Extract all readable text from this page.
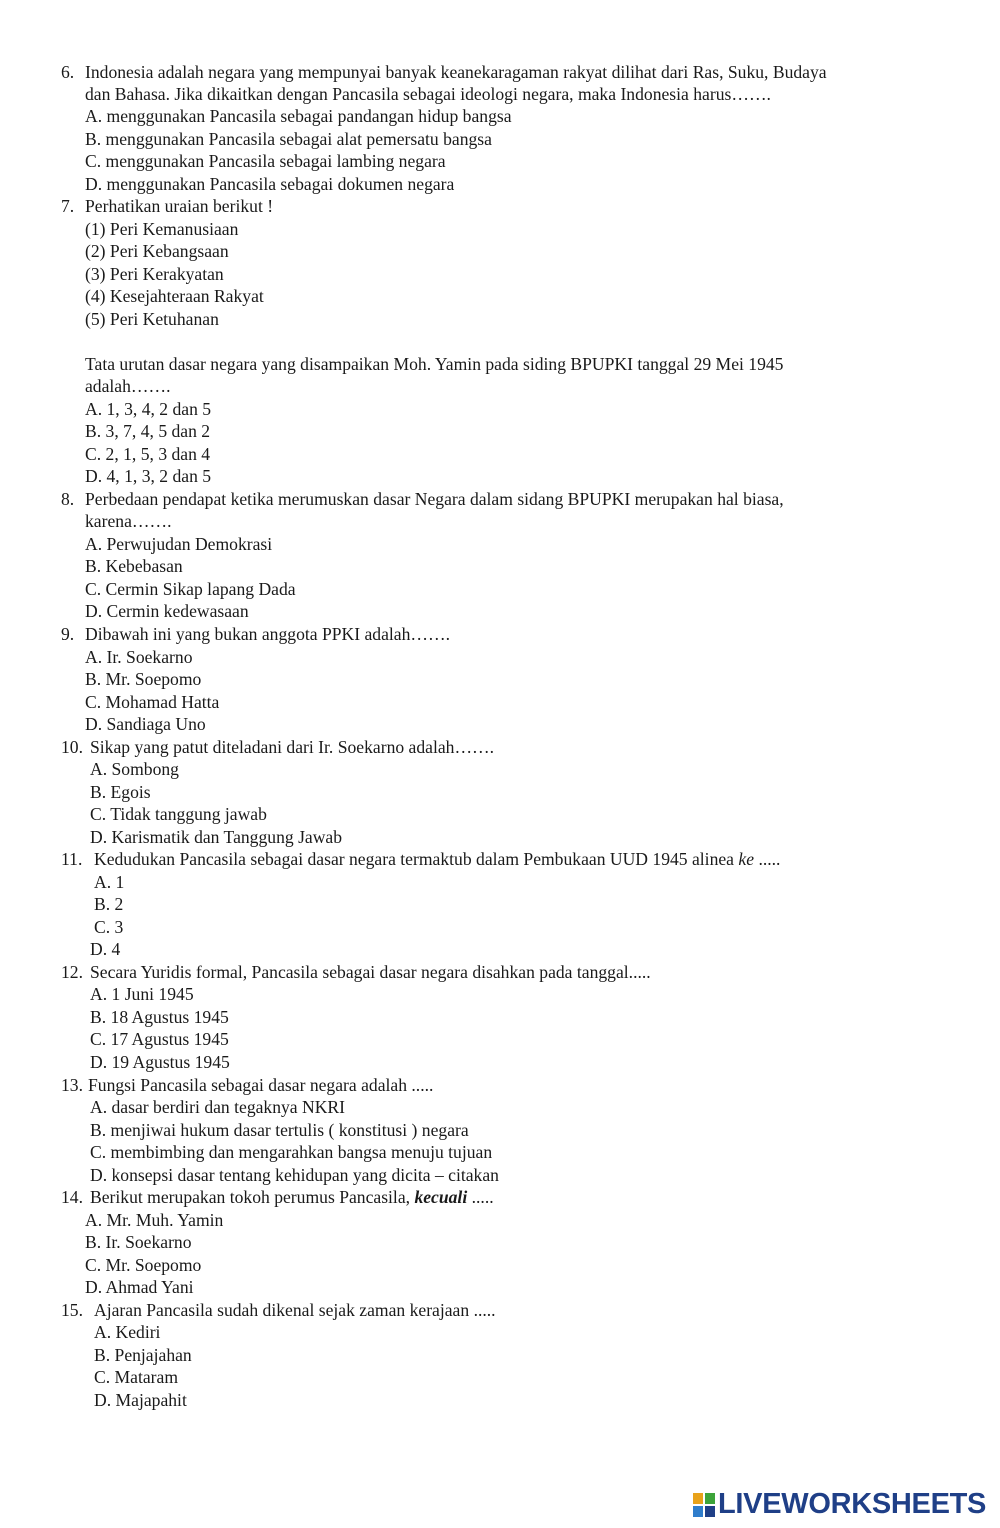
6. Indonesia adalah negara yang mempunyai banyak keanekaragaman rakyat dilihat dari Ras, Suku, Budaya
dan Bahasa. Jika dikaitkan dengan Pancasila sebagai ideologi negara, maka Indonesia harus…….
A. menggunakan Pancasila sebagai pandangan hidup bangsa
B. menggunakan Pancasila sebagai alat pemersatu bangsa
C. menggunakan Pancasila sebagai lambing negara
D. menggunakan Pancasila sebagai dokumen negara
7. Perhatikan uraian berikut !
(1) Peri Kemanusiaan
(2) Peri Kebangsaan
(3) Peri Kerakyatan
(4) Kesejahteraan Rakyat
(5) Peri Ketuhanan
Tata urutan dasar negara yang disampaikan Moh. Yamin pada siding BPUPKI tanggal 29 Mei 1945
adalah…….
A. 1, 3, 4, 2 dan 5
B. 3, 7, 4, 5 dan 2
C. 2, 1, 5, 3 dan 4
D. 4, 1, 3, 2 dan 5
8. Perbedaan pendapat ketika merumuskan dasar Negara dalam sidang BPUPKI merupakan hal biasa,
karena…….
A. Perwujudan Demokrasi
B. Kebebasan
C. Cermin Sikap lapang Dada
D. Cermin kedewasaan
9. Dibawah ini yang bukan anggota PPKI adalah…….
A. Ir. Soekarno
B. Mr. Soepomo
C. Mohamad Hatta
D. Sandiaga Uno
10. Sikap yang patut diteladani dari Ir. Soekarno adalah…….
A. Sombong
B. Egois
C. Tidak tanggung jawab
D. Karismatik dan Tanggung Jawab
11. Kedudukan Pancasila sebagai dasar negara termaktub dalam Pembukaan UUD 1945 alinea ke .....
A. 1
B. 2
C. 3
D. 4
12. Secara Yuridis formal, Pancasila sebagai dasar negara disahkan pada tanggal.....
A. 1 Juni 1945
B. 18 Agustus 1945
C. 17 Agustus 1945
D. 19 Agustus 1945
13. Fungsi Pancasila sebagai dasar negara adalah .....
A. dasar berdiri dan tegaknya NKRI
B. menjiwai hukum dasar tertulis ( konstitusi ) negara
C. membimbing dan mengarahkan bangsa menuju tujuan
D. konsepsi dasar tentang kehidupan yang dicita – citakan
14. Berikut merupakan tokoh perumus Pancasila, kecuali .....
A. Mr. Muh. Yamin
B. Ir. Soekarno
C. Mr. Soepomo
D. Ahmad Yani
15. Ajaran Pancasila sudah dikenal sejak zaman kerajaan .....
A. Kediri
B. Penjajahan
C. Mataram
D. Majapahit
LIVEWORKSHEETS
